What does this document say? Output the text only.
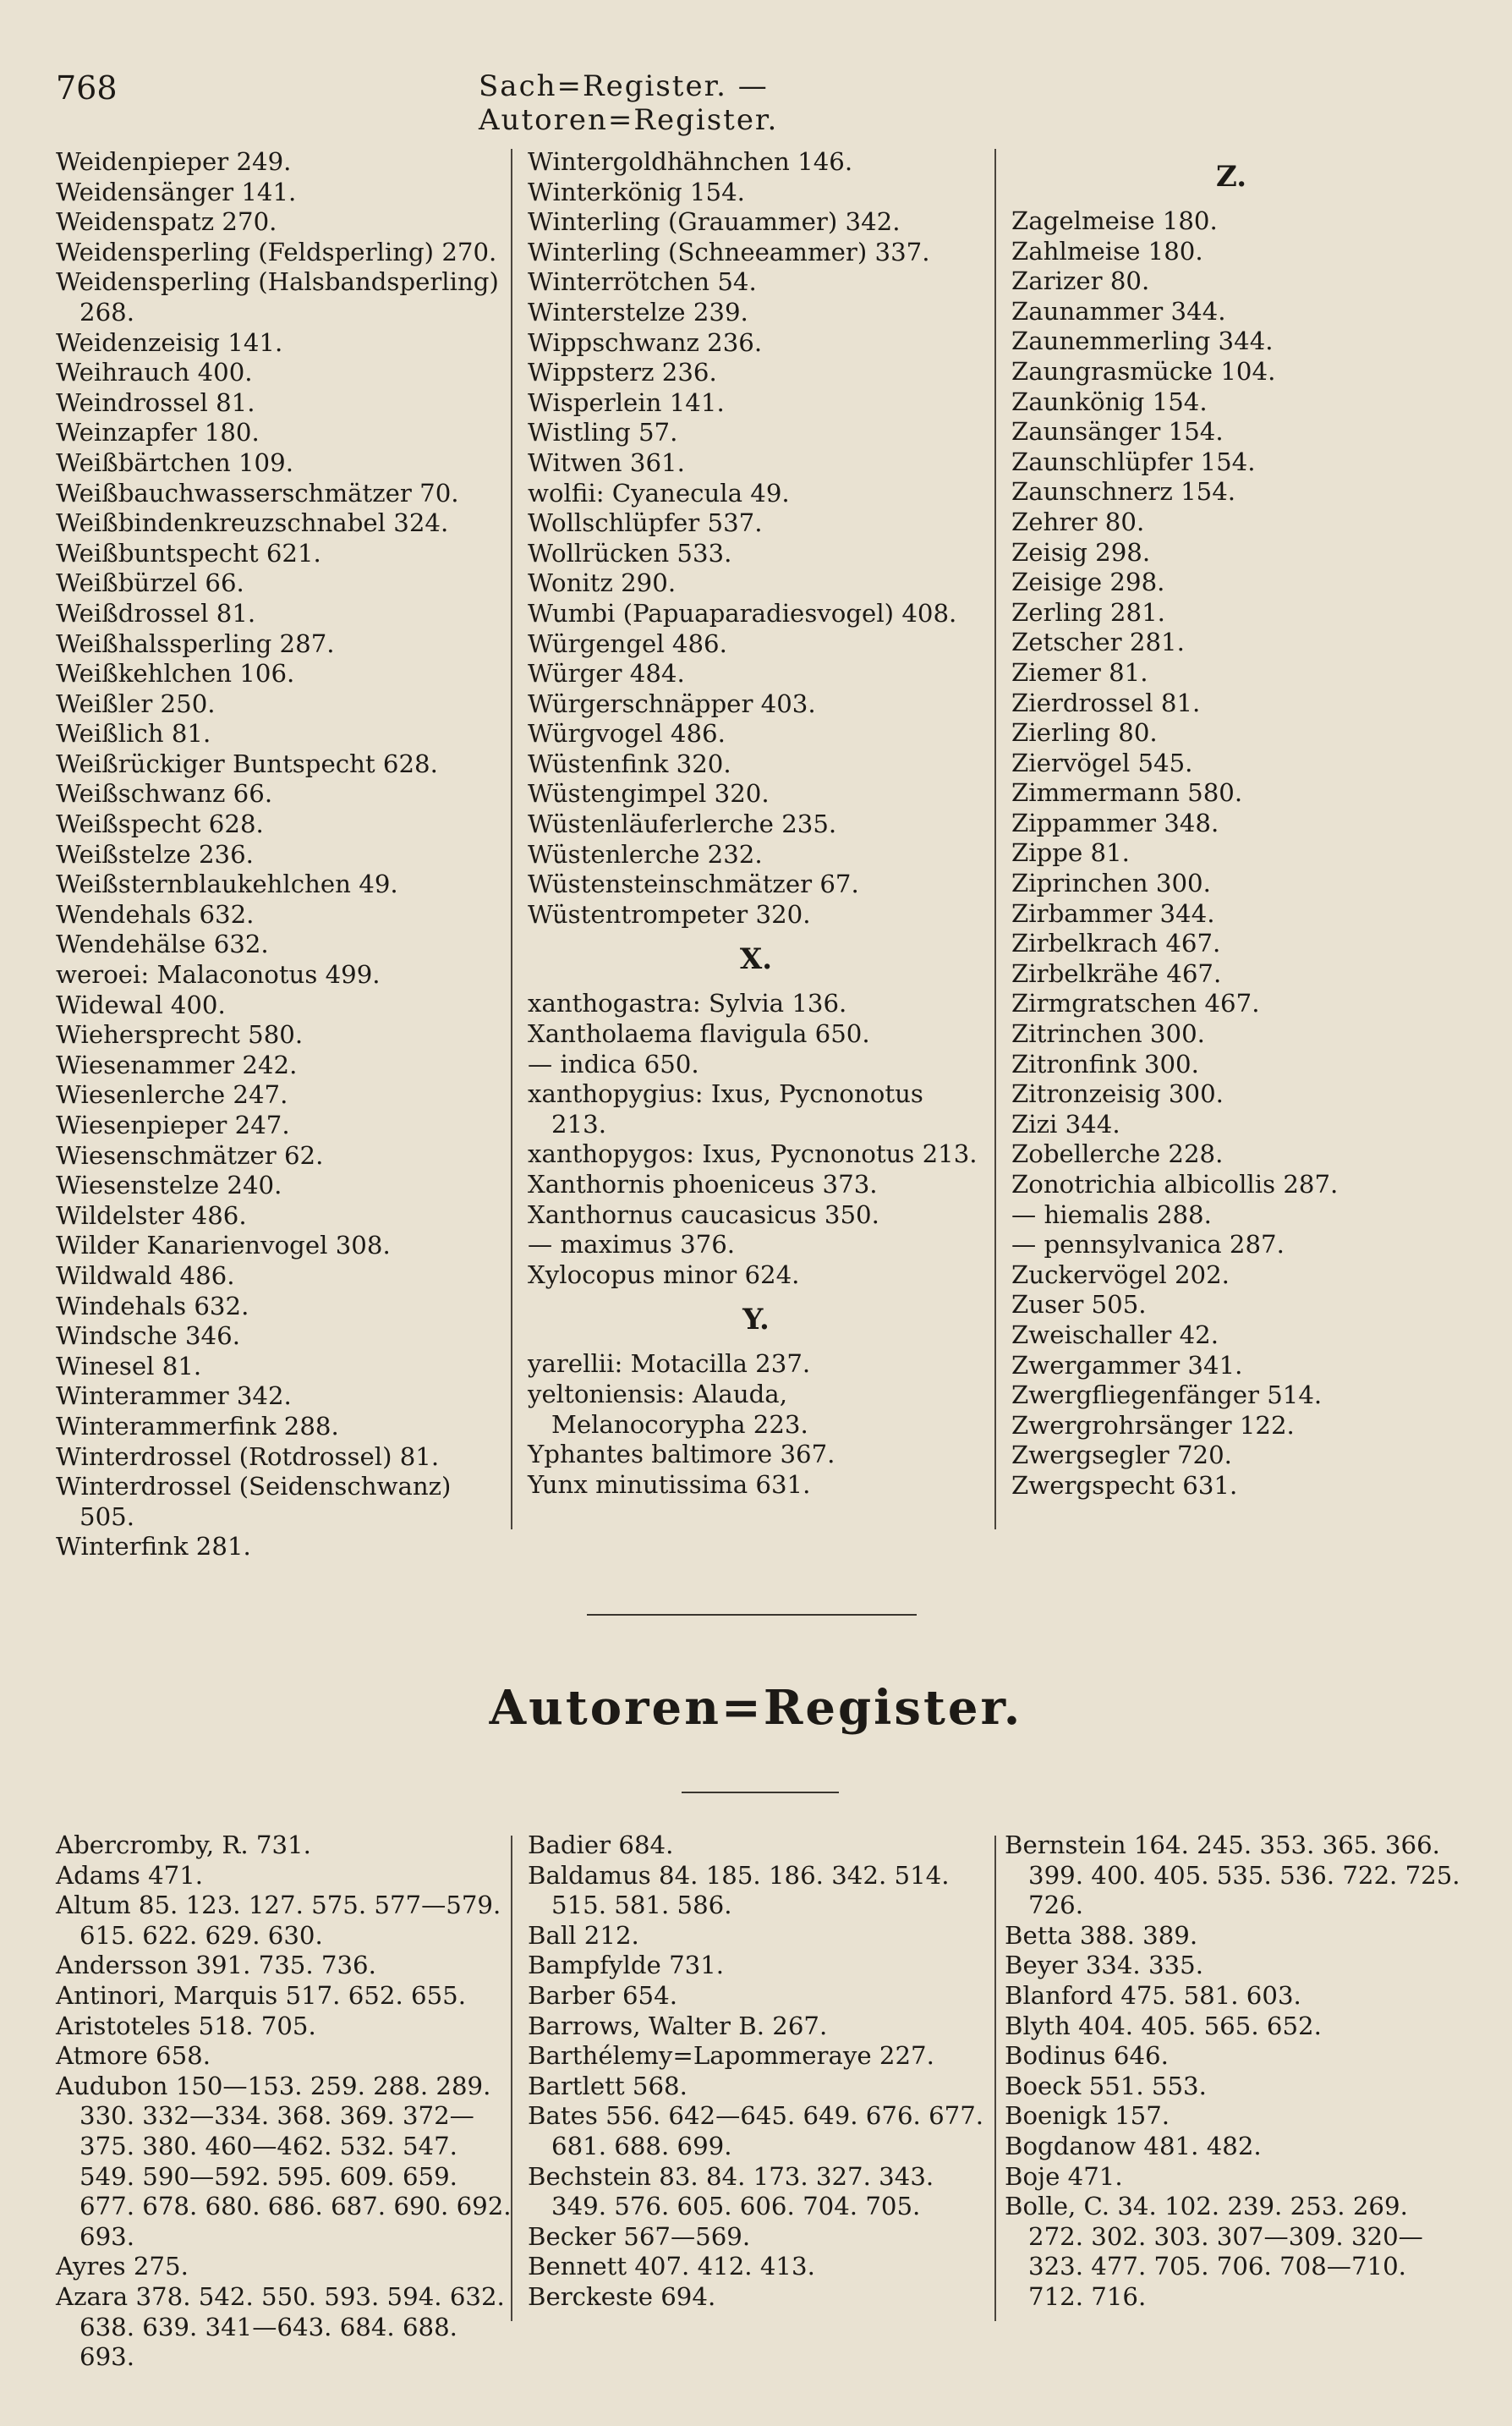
768	Sach=Register. — Autoren=Register.
Weidenpieper 249.
Weidensänger 141.
Weidenspatz 270.
Weidensperling (Feldsperling) 270.
Weidensperling (Halsbandsperling) 268.
Weidenzeisig 141.
Weihrauch 400.
Weindrossel 81.
Weinzapfer 180.
Weißbärtchen 109.
Weißbauchwasserschmätzer 70.
Weißbindenkreuzschnabel 324.
Weißbuntspecht 621.
Weißbürzel 66.
Weißdrossel 81.
Weißhalssperling 287.
Weißkehlchen 106.
Weißler 250.
Weißlich 81.
Weißrückiger Buntspecht 628.
Weißschwanz 66.
Weißspecht 628.
Weißstelze 236.
Weißsternblaukehlchen 49.
Wendehals 632.
Wendehälse 632.
weroei: Malaconotus 499.
Widewal 400.
Wiehersprecht 580.
Wiesenammer 242.
Wiesenlerche 247.
Wiesenpieper 247.
Wiesenschmätzer 62.
Wiesenstelze 240.
Wildelster 486.
Wilder Kanarienvogel 308.
Wildwald 486.
Windehals 632.
Windsche 346.
Winesel 81.
Winterammer 342.
Winterammerfink 288.
Winterdrossel (Rotdrossel) 81.
Winterdrossel (Seidenschwanz) 505.
Winterfink 281.
Wintergoldhähnchen 146.
Winterkönig 154.
Winterling (Grauammer) 342.
Winterling (Schneeammer) 337.
Winterrötchen 54.
Winterstelze 239.
Wippschwanz 236.
Wippsterz 236.
Wisperlein 141.
Wistling 57.
Witwen 361.
wolfii: Cyanecula 49.
Wollschlüpfer 537.
Wollrücken 533.
Wonitz 290.
Wumbi (Papuaparadiesvogel) 408.
Würgengel 486.
Würger 484.
Würgerschnäpper 403.
Würgvogel 486.
Wüstenfink 320.
Wüstengimpel 320.
Wüstenläuferlerche 235.
Wüstenlerche 232.
Wüstensteinschmätzer 67.
Wüstentrompeter 320.
X.
xanthogastra: Sylvia 136.
Xantholaema flavigula 650.
— indica 650.
xanthopygius: Ixus, Pycnonotus 213.
xanthopygos: Ixus, Pycnonotus 213.
Xanthornis phoeniceus 373.
Xanthornus caucasicus 350.
— maximus 376.
Xylocopus minor 624.
Y.
yarellii: Motacilla 237.
yeltoniensis: Alauda, Melanocorypha 223.
Yphantes baltimore 367.
Yunx minutissima 631.
Z.
Zagelmeise 180.
Zahlmeise 180.
Zarizer 80.
Zaunammer 344.
Zaunemmerling 344.
Zaungrasmücke 104.
Zaunkönig 154.
Zaunsänger 154.
Zaunschlüpfer 154.
Zaunschnerz 154.
Zehrer 80.
Zeisig 298.
Zeisige 298.
Zerling 281.
Zetscher 281.
Ziemer 81.
Zierdrossel 81.
Zierling 80.
Ziervögel 545.
Zimmermann 580.
Zippammer 348.
Zippe 81.
Ziprinchen 300.
Zirbammer 344.
Zirbelkrach 467.
Zirbelkrähe 467.
Zirmgratschen 467.
Zitrinchen 300.
Zitronfink 300.
Zitronzeisig 300.
Zizi 344.
Zobellerche 228.
Zonotrichia albicollis 287.
— hiemalis 288.
— pennsylvanica 287.
Zuckervögel 202.
Zuser 505.
Zweischaller 42.
Zwergammer 341.
Zwergfliegenfänger 514.
Zwergrohrsänger 122.
Zwergsegler 720.
Zwergspecht 631.
Autoren=Register.
Abercromby, R. 731.
Adams 471.
Altum 85. 123. 127. 575. 577—579. 615. 622. 629. 630.
Andersson 391. 735. 736.
Antinori, Marquis 517. 652. 655.
Aristoteles 518. 705.
Atmore 658.
Audubon 150—153. 259. 288. 289. 330. 332—334. 368. 369. 372—375. 380. 460—462. 532. 547. 549. 590—592. 595. 609. 659. 677. 678. 680. 686. 687. 690. 692. 693.
Ayres 275.
Azara 378. 542. 550. 593. 594. 632. 638. 639. 341—643. 684. 688. 693.
Badier 684.
Baldamus 84. 185. 186. 342. 514. 515. 581. 586.
Ball 212.
Bampfylde 731.
Barber 654.
Barrows, Walter B. 267.
Barthélemy=Lapommeraye 227.
Bartlett 568.
Bates 556. 642—645. 649. 676. 677. 681. 688. 699.
Bechstein 83. 84. 173. 327. 343. 349. 576. 605. 606. 704. 705.
Becker 567—569.
Bennett 407. 412. 413.
Berckeste 694.
Bernstein 164. 245. 353. 365. 366. 399. 400. 405. 535. 536. 722. 725. 726.
Betta 388. 389.
Beyer 334. 335.
Blanford 475. 581. 603.
Blyth 404. 405. 565. 652.
Bodinus 646.
Boeck 551. 553.
Boenigk 157.
Bogdanow 481. 482.
Boje 471.
Bolle, C. 34. 102. 239. 253. 269. 272. 302. 303. 307—309. 320—323. 477. 705. 706. 708—710. 712. 716.
